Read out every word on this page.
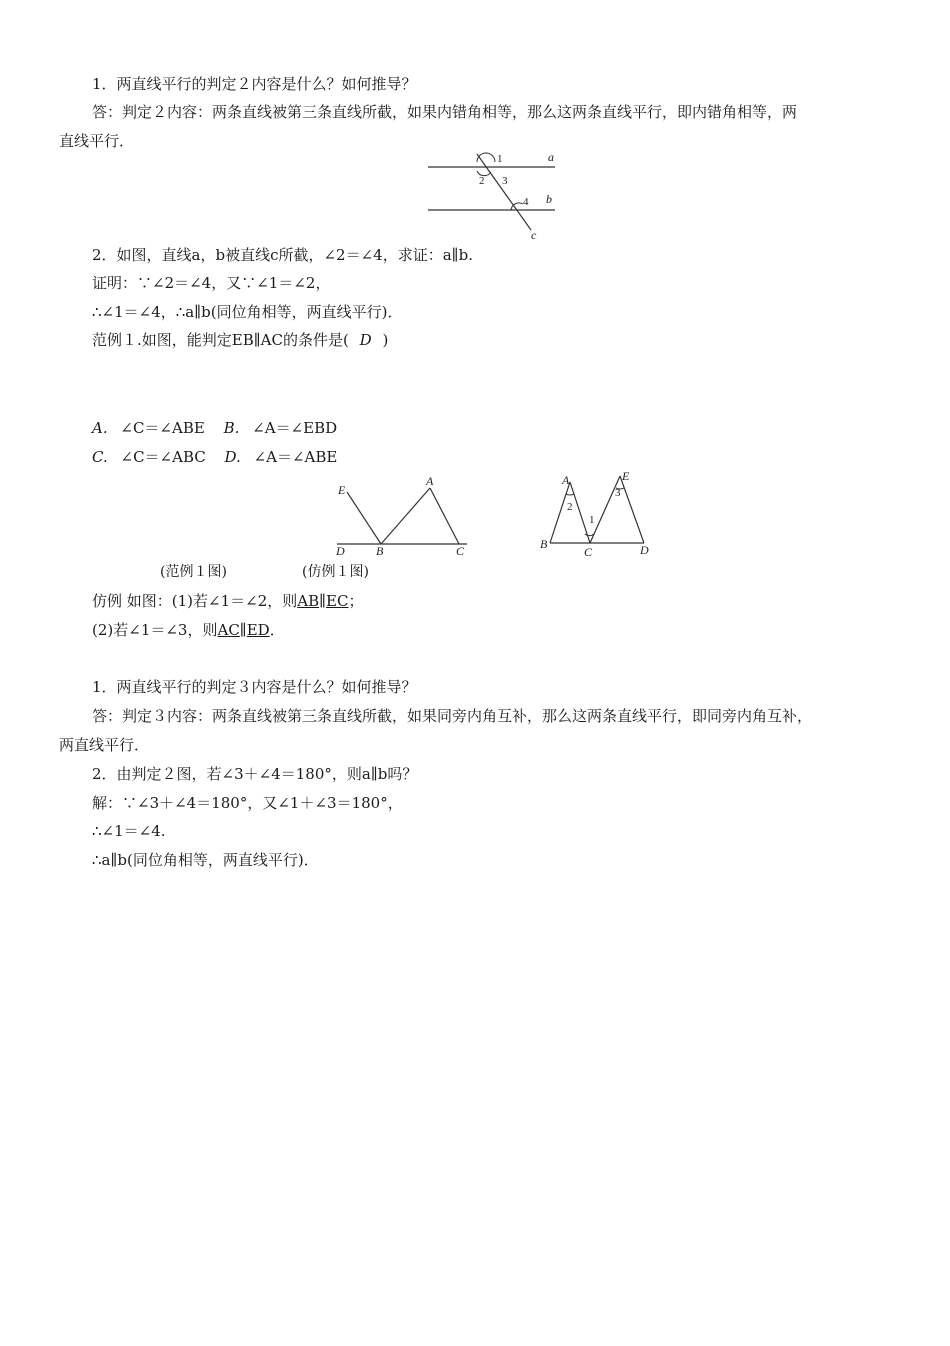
1．两直线平行的判定２内容是什么？如何推导？
答：判定２内容：两条直线被第三条直线所截，如果内错角相等，那么这两条直线平行，即内错角相等，两
直线平行．
1
2 3
4
a
b
c
2．如图，直线a，b被直线c所截，∠2＝∠4，求证：a∥b.
证明：∵∠2＝∠4，又∵∠1＝∠2，
∴∠1＝∠4，∴a∥b(同位角相等，两直线平行)．
范例１.如图，能判定EB∥AC的条件是( D )
A. ∠C＝∠ABE B. ∠A＝∠EBD
C. ∠C＝∠ABC D. ∠A＝∠ABE
E
A
D	B	C
A	E
2
3
1
B
C	D
(范例１图)	(仿例１图)
仿例 如图：(1)若∠1＝∠2，则AB∥EC；
(2)若∠1＝∠3，则AC∥ED．
1．两直线平行的判定３内容是什么？如何推导？
答：判定３内容：两条直线被第三条直线所截，如果同旁内角互补，那么这两条直线平行，即同旁内角互补，
两直线平行．
2．由判定２图，若∠3＋∠4＝180°，则a∥b吗？
解：∵∠3＋∠4＝180°，又∠1＋∠3＝180°，
∴∠1＝∠4.
∴a∥b(同位角相等，两直线平行)．
